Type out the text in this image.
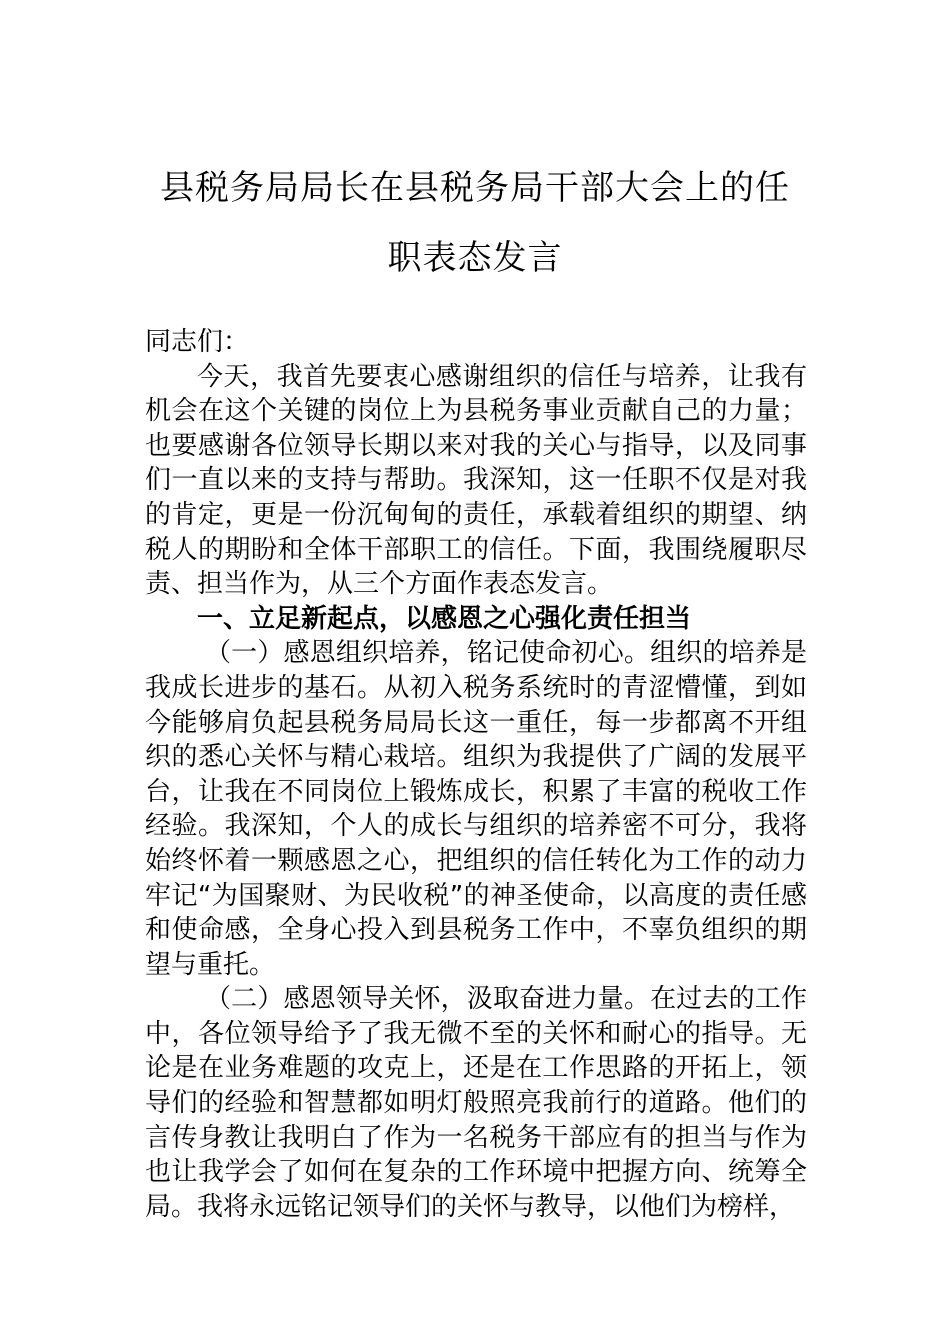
县税务局局长在县税务局干部大会上的任
职表态发言

同志们：

今天，我首先要衷心感谢组织的信任与培养，让我有机会在这个关键的岗位上为县税务事业贡献自己的力量；也要感谢各位领导长期以来对我的关心与指导，以及同事们一直以来的支持与帮助。我深知，这一任职不仅是对我的肯定，更是一份沉甸甸的责任，承载着组织的期望、纳税人的期盼和全体干部职工的信任。下面，我围绕履职尽责、担当作为，从三个方面作表态发言。

一、立足新起点，以感恩之心强化责任担当

（一）感恩组织培养，铭记使命初心。组织的培养是我成长进步的基石。从初入税务系统时的青涩懵懂，到如今能够肩负起县税务局局长这一重任，每一步都离不开组织的悉心关怀与精心栽培。组织为我提供了广阔的发展平台，让我在不同岗位上锻炼成长，积累了丰富的税收工作经验。我深知，个人的成长与组织的培养密不可分，我将始终怀着一颗感恩之心，把组织的信任转化为工作的动力牢记“为国聚财、为民收税”的神圣使命，以高度的责任感和使命感，全身心投入到县税务工作中，不辜负组织的期望与重托。

（二）感恩领导关怀，汲取奋进力量。在过去的工作中，各位领导给予了我无微不至的关怀和耐心的指导。无论是在业务难题的攻克上，还是在工作思路的开拓上，领导们的经验和智慧都如明灯般照亮我前行的道路。他们的言传身教让我明白了作为一名税务干部应有的担当与作为也让我学会了如何在复杂的工作环境中把握方向、统筹全局。我将永远铭记领导们的关怀与教导，以他们为榜样，
